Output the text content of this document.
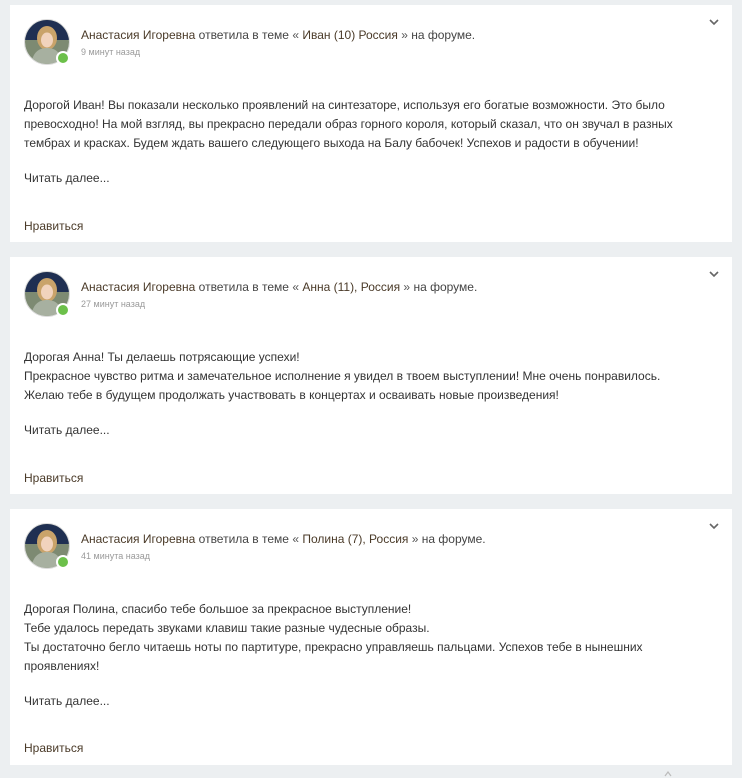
Анастасия Игоревна ответила в теме « Иван (10) Россия » на форуме.
9 минут назад
Дорогой Иван! Вы показали несколько проявлений на синтезаторе, используя его богатые возможности. Это было превосходно! На мой взгляд, вы прекрасно передали образ горного короля, который сказал, что он звучал в разных тембрах и красках. Будем ждать вашего следующего выхода на Балу бабочек! Успехов и радости в обучении!
Читать далее...
Нравиться
Анастасия Игоревна ответила в теме « Анна (11), Россия » на форуме.
27 минут назад
Дорогая Анна! Ты делаешь потрясающие успехи!
Прекрасное чувство ритма и замечательное исполнение я увидел в твоем выступлении! Мне очень понравилось. Желаю тебе в будущем продолжать участвовать в концертах и осваивать новые произведения!
Читать далее...
Нравиться
Анастасия Игоревна ответила в теме « Полина (7), Россия » на форуме.
41 минута назад
Дорогая Полина, спасибо тебе большое за прекрасное выступление!
Тебе удалось передать звуками клавиш такие разные чудесные образы.
Ты достаточно бегло читаешь ноты по партитуре, прекрасно управляешь пальцами. Успехов тебе в нынешних проявлениях!
Читать далее...
Нравиться
